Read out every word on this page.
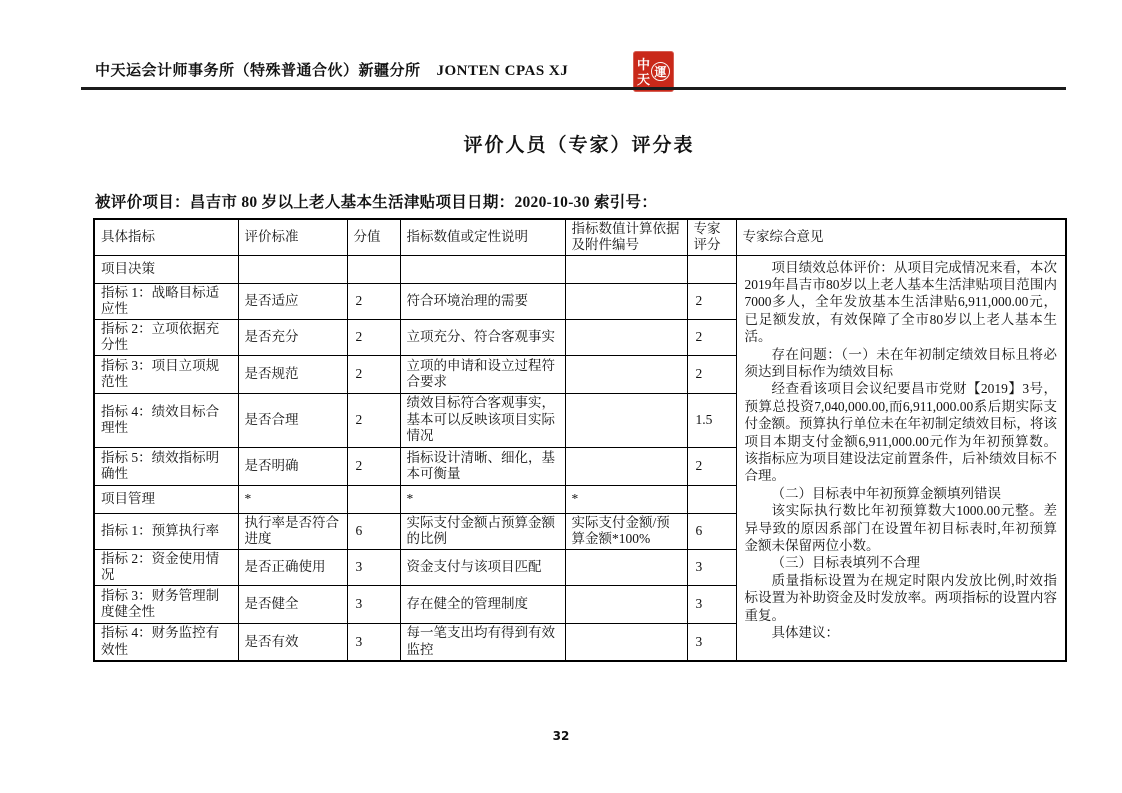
中天运会计师事务所（特殊普通合伙）新疆分所 JONTEN CPAS XJ	中
天 運
评价人员（专家）评分表
被评价项目：昌吉市 80 岁以上老人基本生活津贴项目日期：2020-10-30 索引号：
具体指标	评价标准	分值	指标数值或定性说明	指标数值计算依据及附件编号	专家评分	专家综合意见
项目决策						项目绩效总体评价：从项目完成情况来看，本次2019年昌吉市80岁以上老人基本生活津贴项目范围内7000多人，全年发放基本生活津贴6,911,000.00元，已足额发放，有效保障了全市80岁以上老人基本生活。

存在问题：（一）未在年初制定绩效目标且将必须达到目标作为绩效目标

经查看该项目会议纪要昌市党财【2019】3号，预算总投资7,040,000.00,而6,911,000.00系后期实际支付金额。预算执行单位未在年初制定绩效目标，将该项目本期支付金额6,911,000.00元作为年初预算数。该指标应为项目建设法定前置条件，后补绩效目标不合理。

（二）目标表中年初预算金额填列错误

该实际执行数比年初预算数大1000.00元整。差异导致的原因系部门在设置年初目标表时,年初预算金额未保留两位小数。

（三）目标表填列不合理

质量指标设置为在规定时限内发放比例,时效指标设置为补助资金及时发放率。两项指标的设置内容重复。

具体建议：

指标 1：战略目标适应性	是否适应	2	符合环境治理的需要		2	
指标 2：立项依据充分性	是否充分	2	立项充分、符合客观事实		2	
指标 3：项目立项规范性	是否规范	2	立项的申请和设立过程符合要求		2	
指标 4：绩效目标合理性	是否合理	2	绩效目标符合客观事实，基本可以反映该项目实际情况		1.5	
指标 5：绩效指标明确性	是否明确	2	指标设计清晰、细化，基本可衡量		2	
项目管理	*		*	*		
指标 1：预算执行率	执行率是否符合进度	6	实际支付金额占预算金额的比例	实际支付金额/预算金额*100%	6	
指标 2：资金使用情况	是否正确使用	3	资金支付与该项目匹配		3	
指标 3：财务管理制度健全性	是否健全	3	存在健全的管理制度		3	
指标 4：财务监控有效性	是否有效	3	每一笔支出均有得到有效监控		3	
32
